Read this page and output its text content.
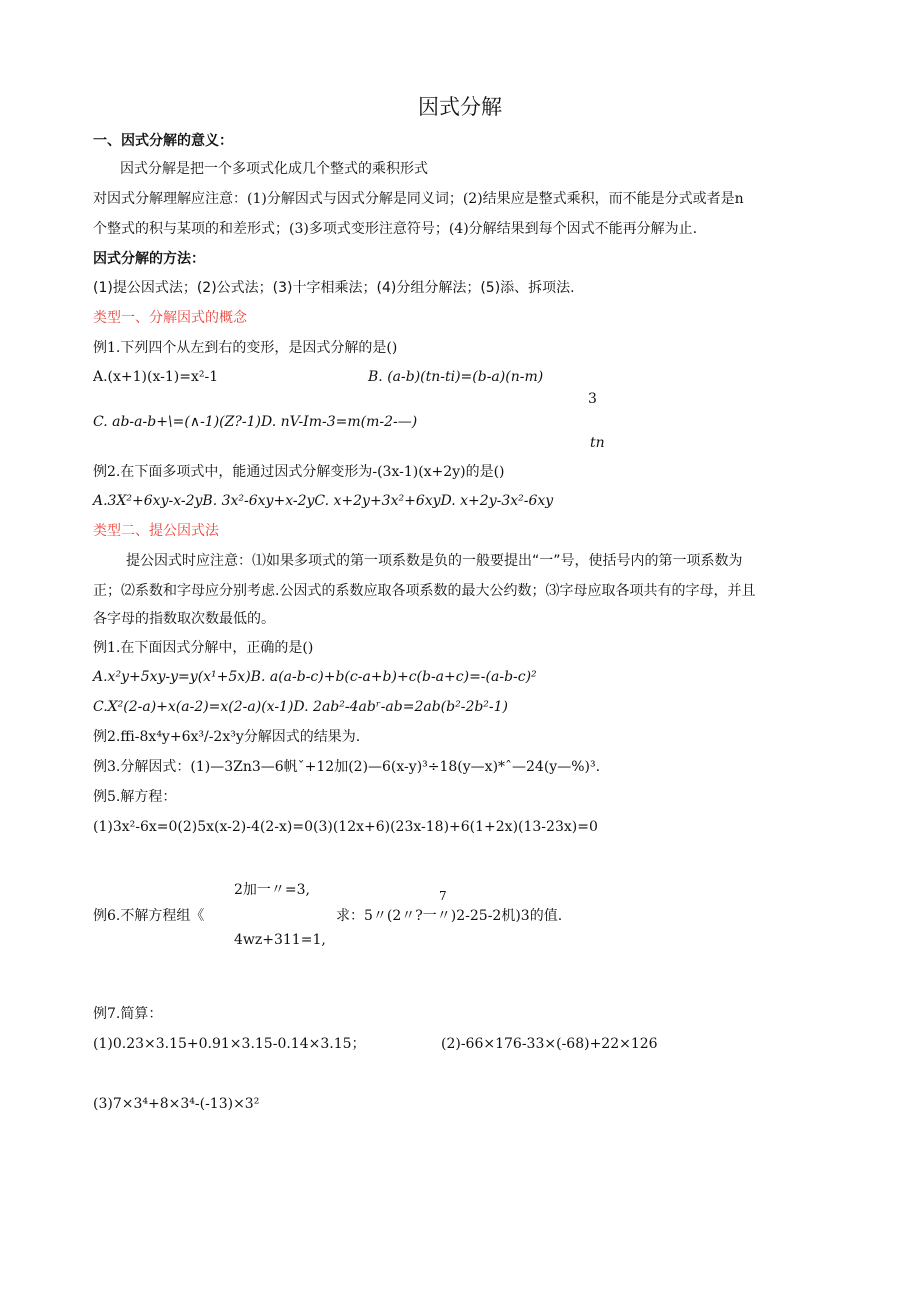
因式分解
一、因式分解的意义：
因式分解是把一个多项式化成几个整式的乘积形式
对因式分解理解应注意：(1)分解因式与因式分解是同义词；(2)结果应是整式乘积，而不能是分式或者是n
个整式的积与某项的和差形式；(3)多项式变形注意符号；(4)分解结果到每个因式不能再分解为止.
因式分解的方法：
(1)提公因式法；(2)公式法；(3)十字相乘法；(4)分组分解法；(5)添、拆项法.
类型一、分解因式的概念
例1.下列四个从左到右的变形，是因式分解的是()
A.(x+1)(x-1)=x²-1	B. (a-b)(tn-ti)=(b-a)(n-m)
3
C. ab-a-b+\=(∧-1)(Z?-1)D. nV-Im-3=m(m-2-—)
tn
例2.在下面多项式中，能通过因式分解变形为-(3x-1)(x+2y)的是()
A.3X²+6xy-x-2yB. 3x²-6xy+x-2yC. x+2y+3x²+6xyD. x+2y-3x²-6xy
类型二、提公因式法
提公因式时应注意：⑴如果多项式的第一项系数是负的一般要提出“一”号，使括号内的第一项系数为
正；⑵系数和字母应分别考虑.公因式的系数应取各项系数的最大公约数；⑶字母应取各项共有的字母，并且
各字母的指数取次数最低的。
例1.在下面因式分解中，正确的是()
A.x²y+5xy-y=y(x¹+5x)B. a(a-b-c)+b(c-a+b)+c(b-a+c)=-(a-b-c)²
C.X²(2-a)+x(a-2)=x(2-a)(x-1)D. 2ab²-4abʳ-ab=2ab(b²-2b²-1)
例2.ffi-8x⁴y+6x³/-2x³y分解因式的结果为.
例3.分解因式：(1)—3Zn3—6帆ˇ+12加(2)—6(x-y)³÷18(y—x)*ˆ—24(y—%)³.
例5.解方程：
(1)3x²-6x=0(2)5x(x-2)-4(2-x)=0(3)(12x+6)(23x-18)+6(1+2x)(13-23x)=0
2加一〃=3,	7
例6.不解方程组《	求：5〃(2〃?一〃)2-25-2机)3的值.
4wz+311=1,
例7.简算：
(1)0.23×3.15+0.91×3.15-0.14×3.15；	(2)-66×176-33×(-68)+22×126
(3)7×3⁴+8×3⁴-(-13)×3²
